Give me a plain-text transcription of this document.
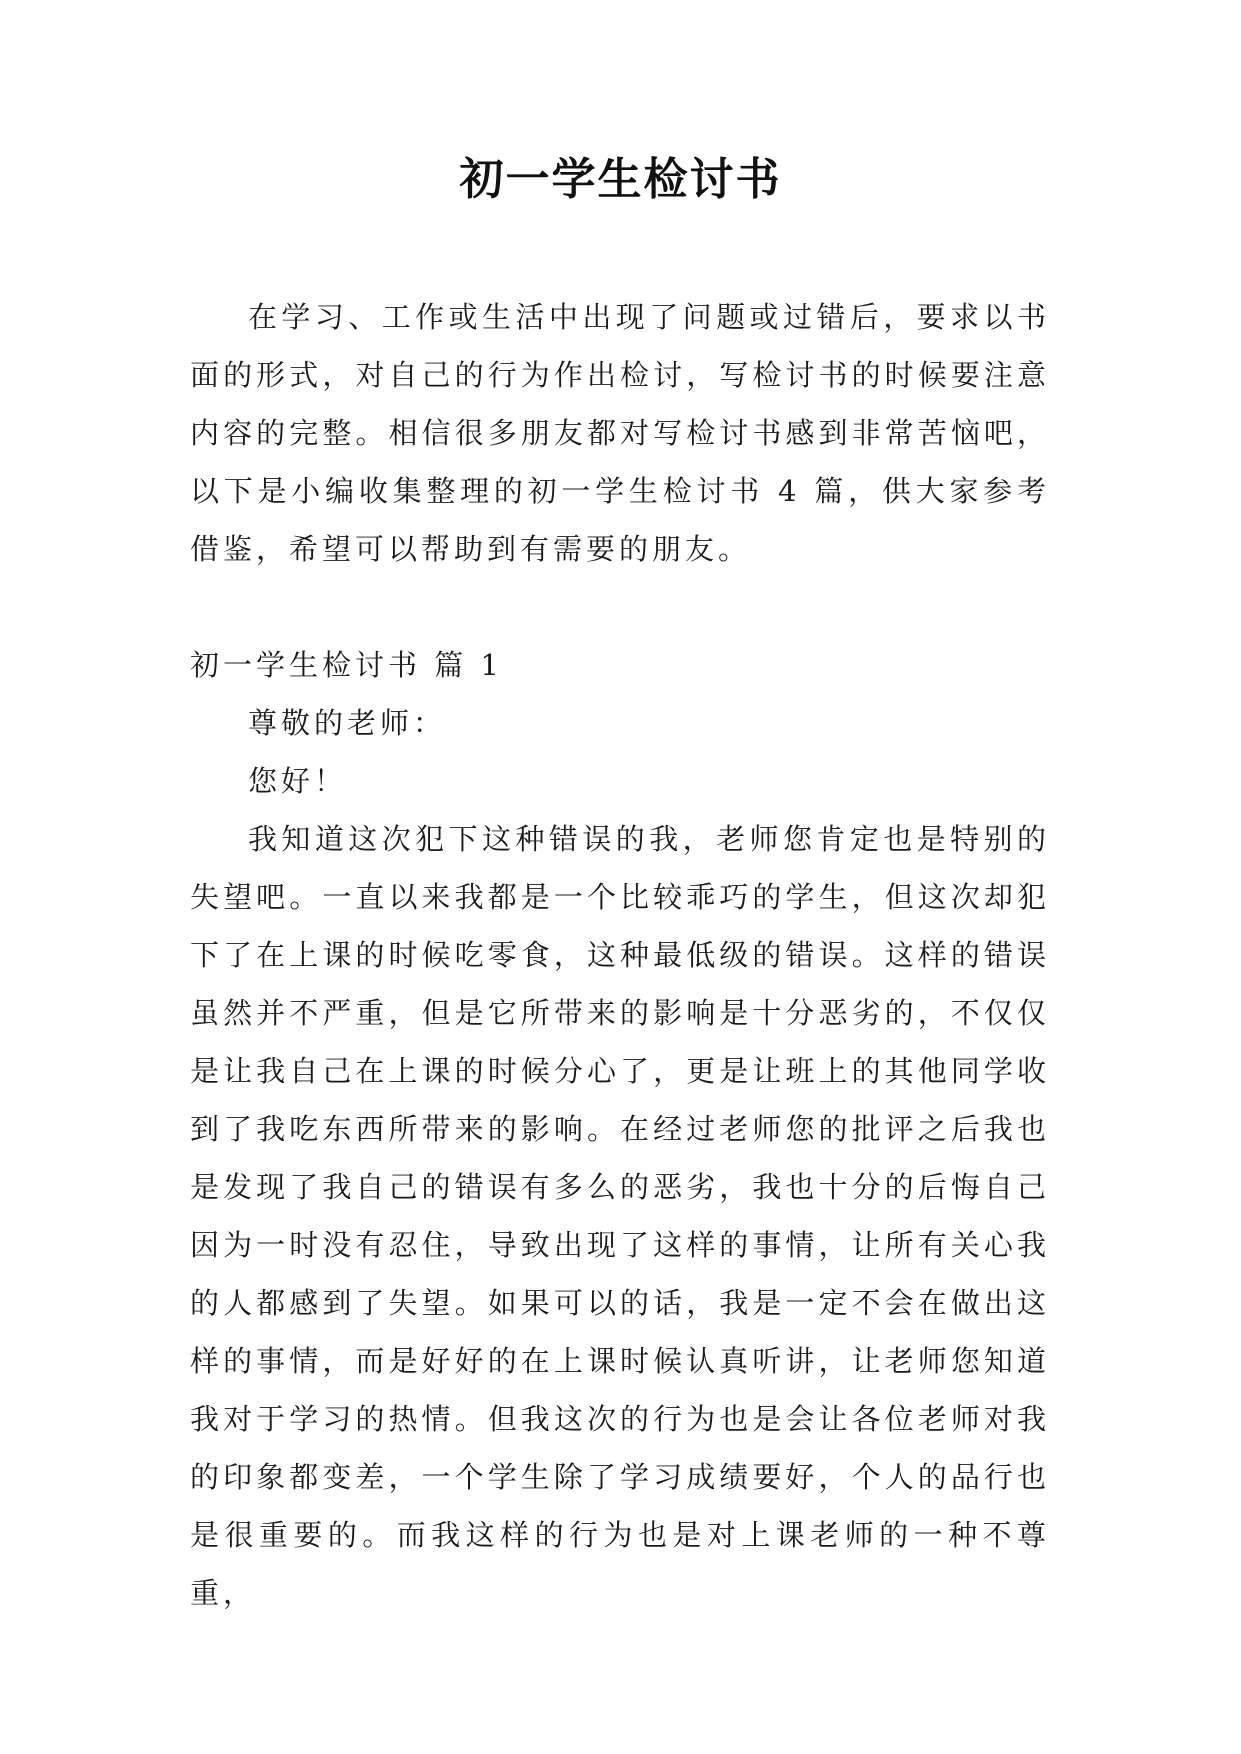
初一学生检讨书

在学习、工作或生活中出现了问题或过错后，要求以书面的形式，对自己的行为作出检讨，写检讨书的时候要注意内容的完整。相信很多朋友都对写检讨书感到非常苦恼吧，以下是小编收集整理的初一学生检讨书 4 篇，供大家参考借鉴，希望可以帮助到有需要的朋友。

初一学生检讨书 篇 1

尊敬的老师：

您好！

我知道这次犯下这种错误的我，老师您肯定也是特别的失望吧。一直以来我都是一个比较乖巧的学生，但这次却犯下了在上课的时候吃零食，这种最低级的错误。这样的错误虽然并不严重，但是它所带来的影响是十分恶劣的，不仅仅是让我自己在上课的时候分心了，更是让班上的其他同学收到了我吃东西所带来的影响。在经过老师您的批评之后我也是发现了我自己的错误有多么的恶劣，我也十分的后悔自己因为一时没有忍住，导致出现了这样的事情，让所有关心我的人都感到了失望。如果可以的话，我是一定不会在做出这样的事情，而是好好的在上课时候认真听讲，让老师您知道我对于学习的热情。但我这次的行为也是会让各位老师对我的印象都变差，一个学生除了学习成绩要好，个人的品行也是很重要的。而我这样的行为也是对上课老师的一种不尊重，
